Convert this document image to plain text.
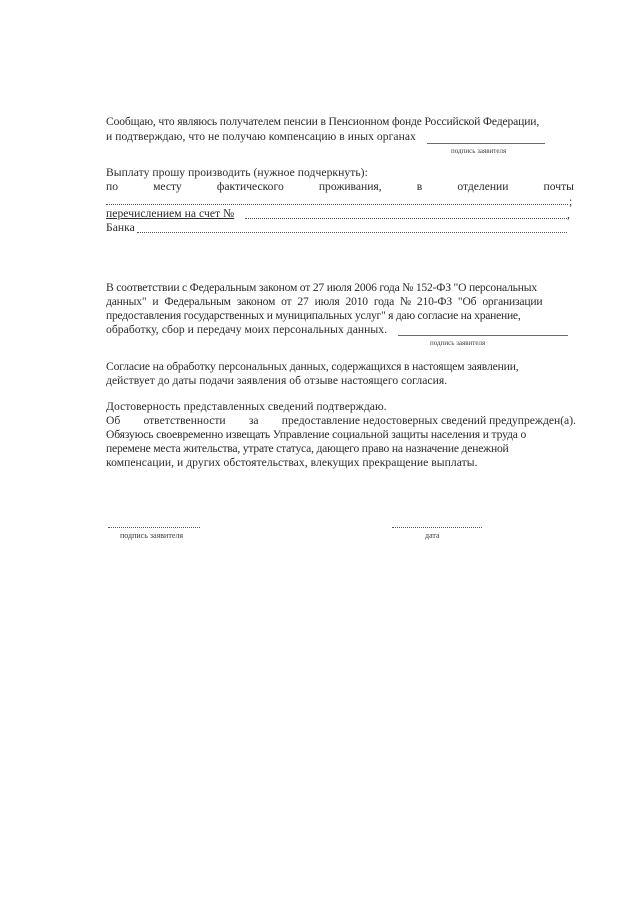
Сообщаю, что являюсь получателем пенсии в Пенсионном фонде Российской Федерации,
и подтверждаю, что не получаю компенсацию в иных органах
подпись заявителя
Выплату прошу производить (нужное подчеркнуть):
по	месту	фактического	проживания,	в	отделении	почты
;
перечислением на счет №	,
Банка
В соответствии с Федеральным законом от 27 июля 2006 года № 152-ФЗ "О персональных
данных" и Федеральным законом от 27 июля 2010 года № 210-ФЗ "Об организации
предоставления государственных и муниципальных услуг" я даю согласие на хранение,
обработку, сбор и передачу моих персональных данных.
подпись заявителя
Согласие на обработку персональных данных, содержащихся в настоящем заявлении,
действует до даты подачи заявления об отзыве настоящего согласия.
Достоверность представленных сведений подтверждаю.
Об ответственности за предоставление недостоверных сведений предупрежден(а).
Обязуюсь своевременно извещать Управление социальной защиты населения и труда о
перемене места жительства, утрате статуса, дающего право на назначение денежной
компенсации, и других обстоятельствах, влекущих прекращение выплаты.
подпись заявителя	дата
